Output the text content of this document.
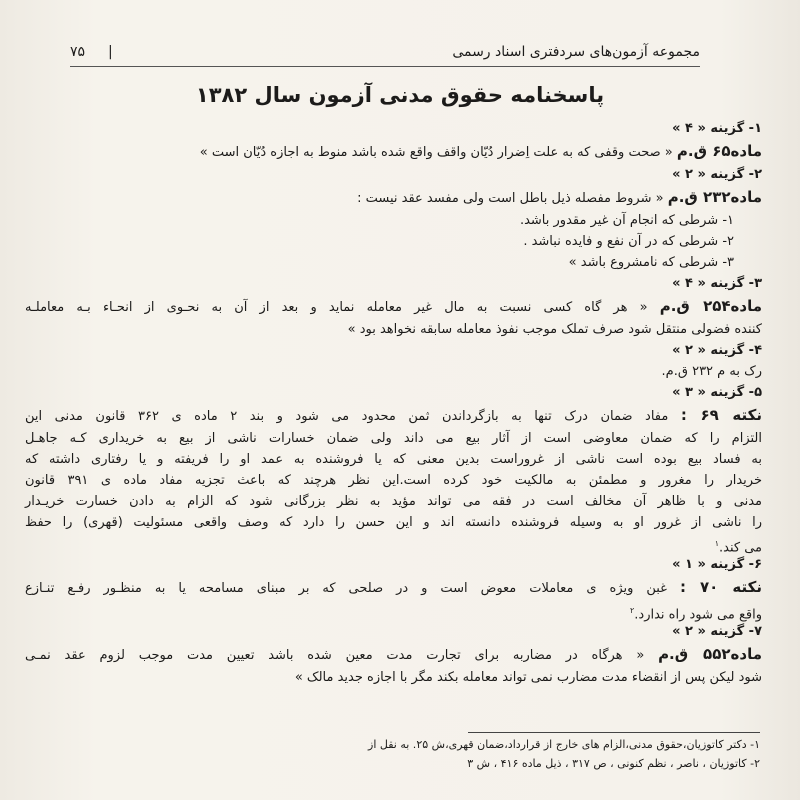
مجموعه آزمون‌های سردفتری اسناد رسمی
|
۷۵
پاسخنامه حقوق مدنی آزمون سال ۱۳۸۲
۱- گزینه « ۴ »
ماده۶۵ ق.م « صحت وقفی که به علت اِضرار دُیّان واقف واقع شده باشد منوط به اجازه دُیّان است »
۲- گزینه « ۲ »
ماده۲۳۲ ق.م « شروط مفصله ذیل باطل است ولی مفسد عقد نیست :
۱- شرطی که انجام آن غیر مقدور باشد.
۲- شرطی که در آن نفع و فایده نباشد .
۳- شرطی که نامشروع باشد »
۳- گزینه « ۴ »
ماده۲۵۴ ق.م « هر گاه کسی نسبت به مال غیر معامله نماید و بعد از آن به نحـوی از انحـاء بـه معاملـه
کننده فضولی منتقل شود صرف تملک موجب نفوذ معامله سابقه نخواهد بود »
۴- گزینه « ۲ »
رک به م ۲۳۲ ق.م.
۵- گزینه « ۳ »
نکته ۶۹ : مفاد ضمان درک تنها به بازگرداندن ثمن محدود می شود و بند ۲ ماده ی ۳۶۲ قانون مدنی این
التزام را که ضمان معاوضی است از آثار بیع می داند ولی ضمان خسارات ناشی از بیع به خریداری کـه جاهـل
به فساد بیع بوده است ناشی از غروراست بدین معنی که یا فروشنده به عمد او را فریفته و یا رفتاری داشته که
خریدار را مغرور و مطمئن به مالکیت خود کرده است.این نظر هرچند که باعث تجزیه مفاد ماده ی ۳۹۱ قانون
مدنی و با ظاهر آن مخالف است در فقه می تواند مؤید به نظر بزرگانی شود که الزام به دادن خسارت خریـدار
را ناشی از غرور او به وسیله فروشنده دانسته اند و این حسن را دارد که وصف واقعی مسئولیت (قهری) را حفظ
می کند.$^۱$
۶- گزینه « ۱ »
نکته ۷۰ : غبن ویژه ی معاملات معوض است و در صلحی که بر مبنای مسامحه یا به منظـور رفـع تنـازع
واقع می شود راه ندارد.$^۲$
۷- گزینه « ۲ »
ماده۵۵۲ ق.م « هرگاه در مضاربه برای تجارت مدت معین شده باشد تعیین مدت موجب لزوم عقد نمـی
شود لیکن پس از انقضاء مدت مضارب نمی تواند معامله بکند مگر با اجازه جدید مالک »
۱- دکتر کاتوزیان،حقوق مدنی،الزام های خارج از قرارداد،ضمان قهری،ش ۲۵. به نقل از
۲- کاتوزیان ، ناصر ، نظم کنونی ، ص ۳۱۷ ، ذیل ماده ۴۱۶ ، ش ۳
